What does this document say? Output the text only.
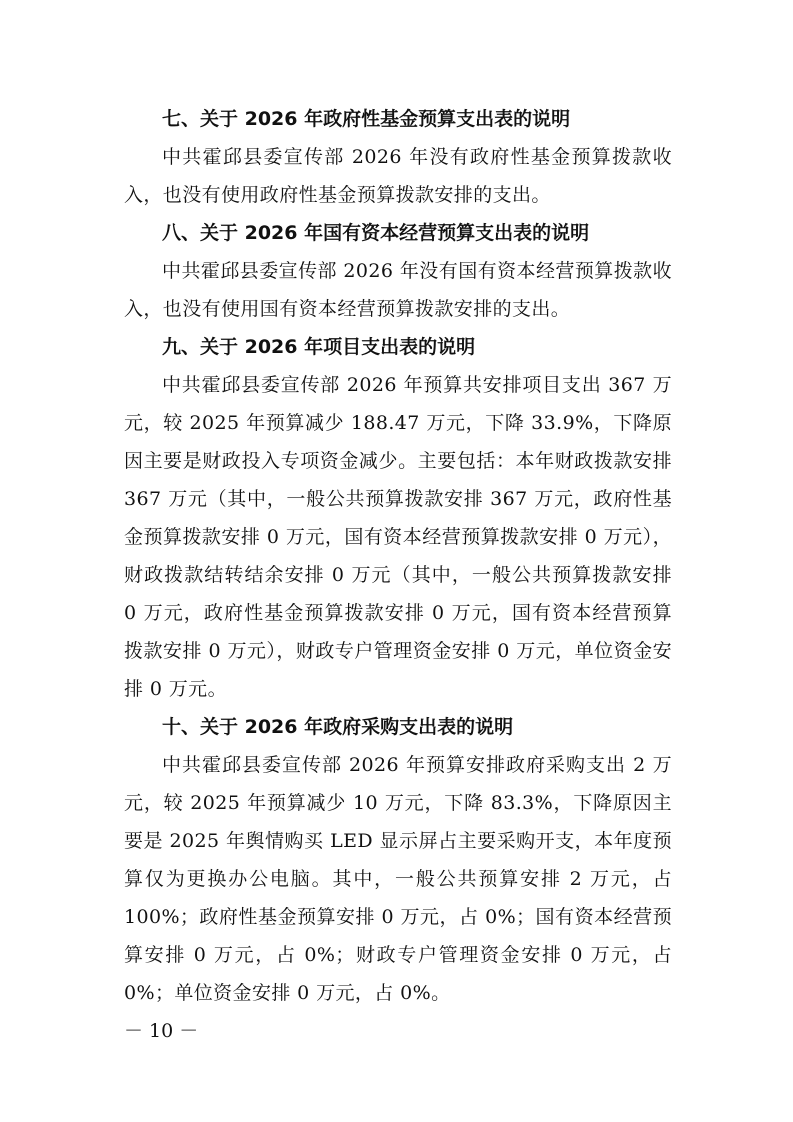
七、关于 2026 年政府性基金预算支出表的说明

中共霍邱县委宣传部 2026 年没有政府性基金预算拨款收入，也没有使用政府性基金预算拨款安排的支出。

八、关于 2026 年国有资本经营预算支出表的说明

中共霍邱县委宣传部 2026 年没有国有资本经营预算拨款收入，也没有使用国有资本经营预算拨款安排的支出。

九、关于 2026 年项目支出表的说明

中共霍邱县委宣传部 2026 年预算共安排项目支出 367 万元，较 2025 年预算减少 188.47 万元，下降 33.9%，下降原因主要是财政投入专项资金减少。主要包括：本年财政拨款安排 367 万元（其中，一般公共预算拨款安排 367 万元，政府性基金预算拨款安排 0 万元，国有资本经营预算拨款安排 0 万元），财政拨款结转结余安排 0 万元（其中，一般公共预算拨款安排 0 万元，政府性基金预算拨款安排 0 万元，国有资本经营预算拨款安排 0 万元），财政专户管理资金安排 0 万元，单位资金安排 0 万元。

十、关于 2026 年政府采购支出表的说明

中共霍邱县委宣传部 2026 年预算安排政府采购支出 2 万元，较 2025 年预算减少 10 万元，下降 83.3%，下降原因主要是 2025 年舆情购买 LED 显示屏占主要采购开支，本年度预算仅为更换办公电脑。其中，一般公共预算安排 2 万元，占 100%；政府性基金预算安排 0 万元，占 0%；国有资本经营预算安排 0 万元，占 0%；财政专户管理资金安排 0 万元，占 0%；单位资金安排 0 万元，占 0%。

－ 10 －
